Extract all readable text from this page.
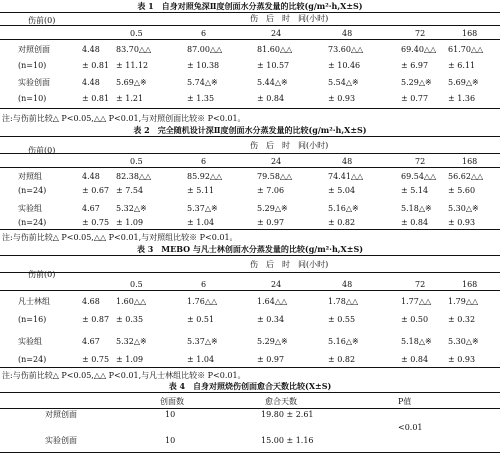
表 1　自身对照兔深Ⅱ度创面水分蒸发量的比较(g/m²·h,X±S)
伤前(0)	伤　后　时　间(小时)
0.5	6	24	48	72	168
对照创面	4.48 83.70△△	87.00△△	81.60△△	73.60△△	69.40△△ 61.70△△
(n=10)	± 0.81 ± 11.12	± 10.38	± 10.57	± 10.46	± 6.97 ± 6.11
实验创面	4.48 5.69△※	5.74△※	5.44△※	5.54△※	5.29△※ 5.69△※
(n=10)	± 0.81 ± 1.21	± 1.35	± 0.84	± 0.93	± 0.77 ± 1.36
注:与伤前比较△ P<0.05,△△ P<0.01,与对照创面比较※ P<0.01。
表 2　完全随机设计深Ⅱ度创面水分蒸发量的比较(g/m²·h,X±S)
伤前(0)
伤　后　时　间(小时)
0.5	6	24	48	72	168
对照组	4.48 82.38△△	85.92△△	79.58△△	74.41△△	69.54△△ 56.62△△
(n=24)	± 0.67 ± 7.54	± 5.11	± 7.06	± 5.04	± 5.14 ± 5.60
实验组	4.67 5.32△※	5.37△※	5.29△※	5.16△※	5.18△※ 5.30△※
(n=24)	± 0.75 ± 1.09	± 1.04	± 0.97	± 0.82	± 0.84 ± 0.93
注:与伤前比较△ P<0.05,△△ P<0.01,与对照组比较※ P<0.01。
表 3　MEBO 与凡士林创面水分蒸发量的比较(g/m²·h,X±S)
伤前(0)
伤　后　时　间(小时)
0.5	6	24	48	72	168
凡士林组	4.68 1.60△△	1.76△△	1.64△△	1.78△△	1.77△△ 1.79△△
(n=16)	± 0.87 ± 0.35	± 0.51	± 0.34	± 0.55	± 0.50 ± 0.32
实验组	4.67 5.32△※	5.37△※	5.29△※	5.16△※	5.18△※ 5.30△※
(n=24)	± 0.75 ± 1.09	± 1.04	± 0.97	± 0.82	± 0.84 ± 0.93
注:与伤前比较△ P<0.05,△△ P<0.01,与凡士林组比较※ P<0.01。
表 4　自身对照烧伤创面愈合天数比较(X±S)
创面数	愈合天数	P值
对照创面	10	19.80 ± 2.61
实验创面	10	15.00 ± 1.16
<0.01
